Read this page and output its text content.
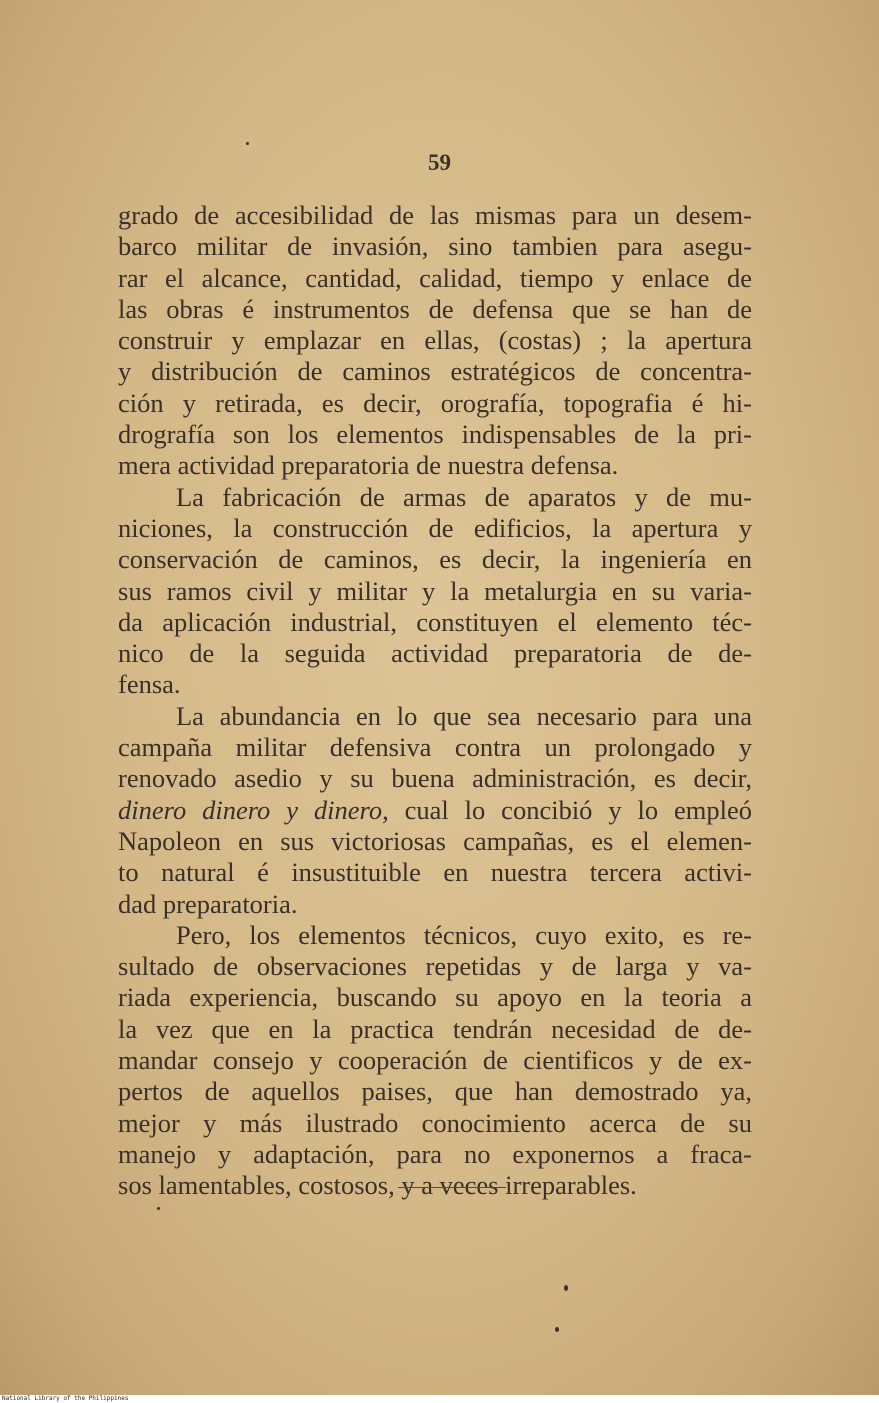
59
grado de accesibilidad de las mismas para un desem-
barco militar de invasión, sino tambien para asegu-
rar el alcance, cantidad, calidad, tiempo y enlace de
las obras é instrumentos de defensa que se han de
construir y emplazar en ellas, (costas) ; la apertura
y distribución de caminos estratégicos de concentra-
ción y retirada, es decir, orografía, topografia é hi-
drografía son los elementos indispensables de la pri-
mera actividad preparatoria de nuestra defensa.
La fabricación de armas de aparatos y de mu-
niciones, la construcción de edificios, la apertura y
conservación de caminos, es decir, la ingeniería en
sus ramos civil y militar y la metalurgia en su varia-
da aplicación industrial, constituyen el elemento téc-
nico de la seguida actividad preparatoria de de-
fensa.
La abundancia en lo que sea necesario para una
campaña militar defensiva contra un prolongado y
renovado asedio y su buena administración, es decir,
dinero dinero y dinero, cual lo concibió y lo empleó
Napoleon en sus victoriosas campañas, es el elemen-
to natural é insustituible en nuestra tercera activi-
dad preparatoria.
Pero, los elementos técnicos, cuyo exito, es re-
sultado de observaciones repetidas y de larga y va-
riada experiencia, buscando su apoyo en la teoria a
la vez que en la practica tendrán necesidad de de-
mandar consejo y cooperación de cientificos y de ex-
pertos de aquellos paises, que han demostrado ya,
mejor y más ilustrado conocimiento acerca de su
manejo y adaptación, para no exponernos a fraca-
sos lamentables, costosos, y a veces irreparables.
National Library of the Philippines
